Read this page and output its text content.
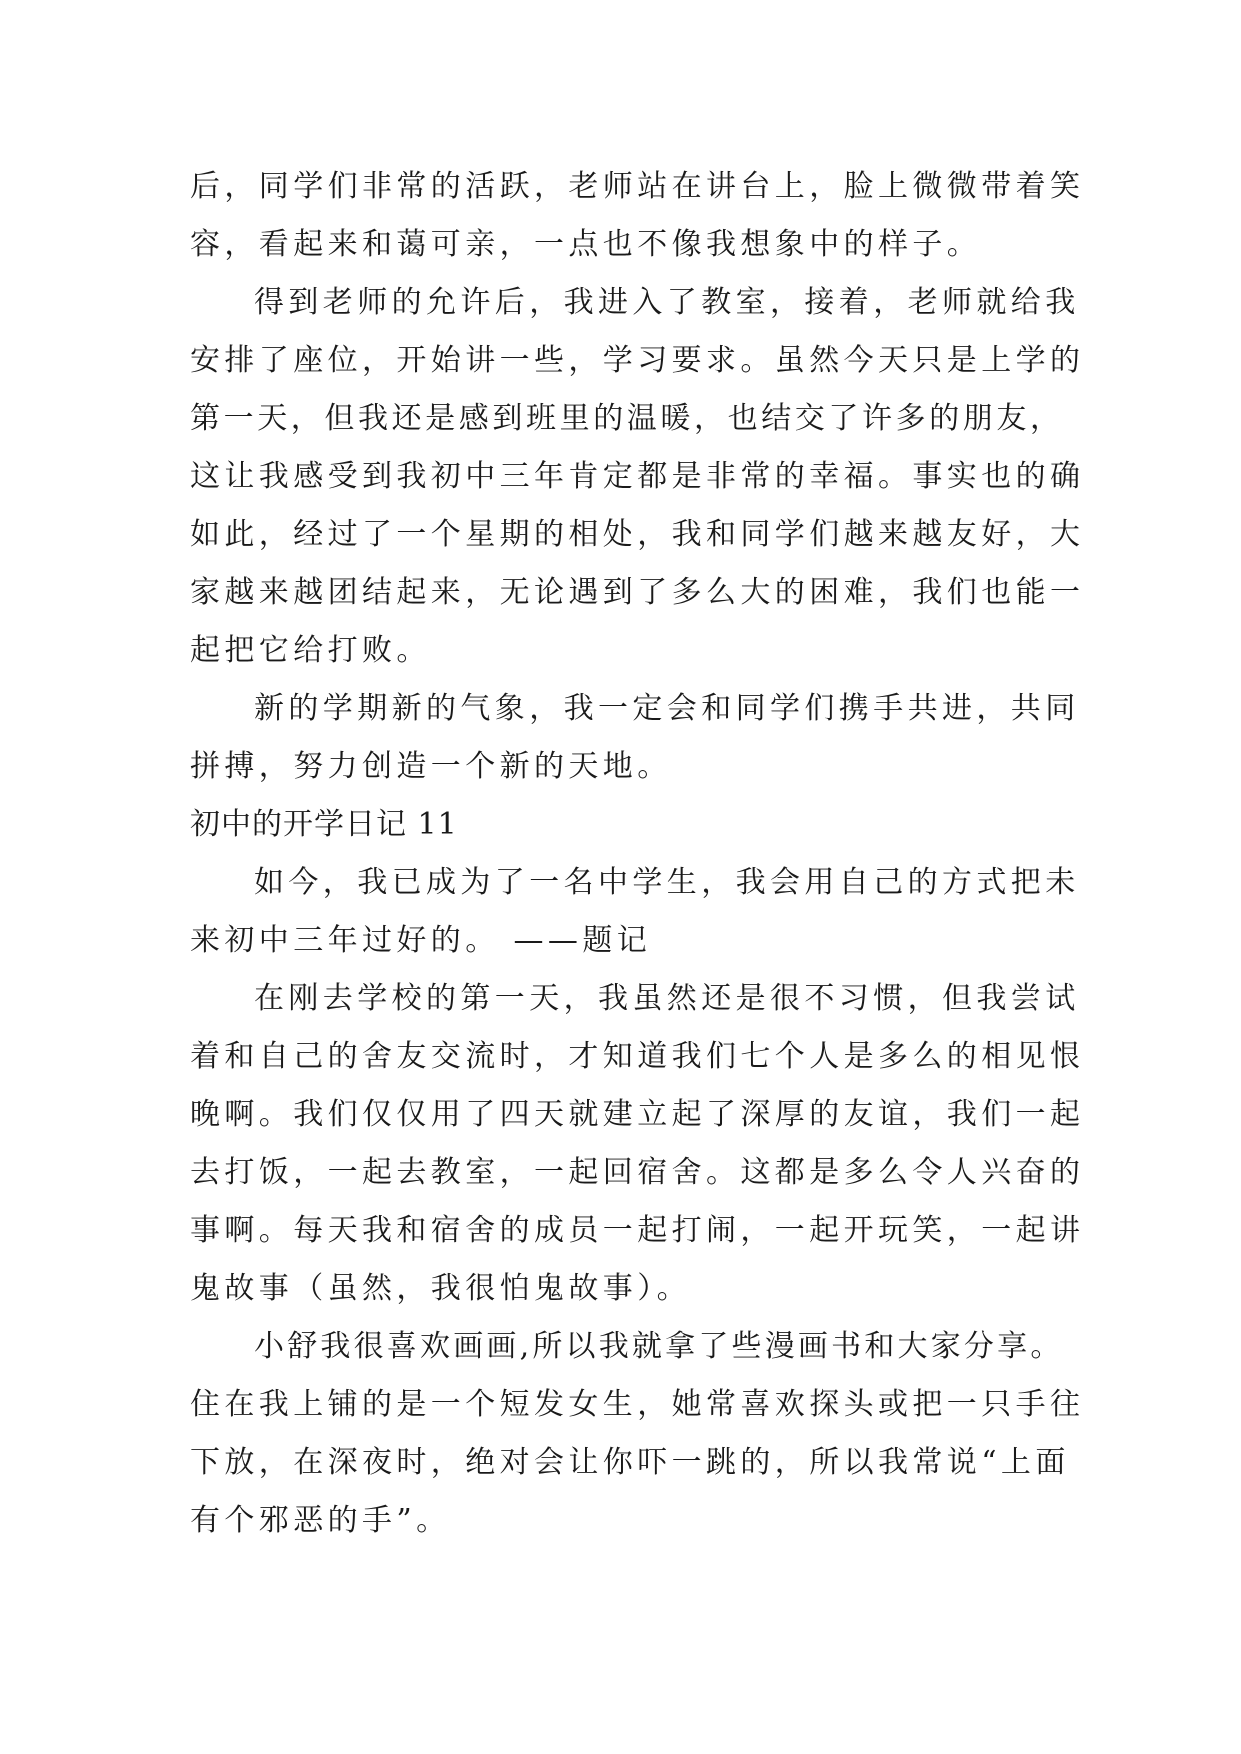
后，同学们非常的活跃，老师站在讲台上，脸上微微带着笑
容，看起来和蔼可亲，一点也不像我想象中的样子。
得到老师的允许后，我进入了教室，接着，老师就给我
安排了座位，开始讲一些，学习要求。虽然今天只是上学的
第一天，但我还是感到班里的温暖，也结交了许多的朋友，
这让我感受到我初中三年肯定都是非常的幸福。事实也的确
如此，经过了一个星期的相处，我和同学们越来越友好，大
家越来越团结起来，无论遇到了多么大的困难，我们也能一
起把它给打败。
新的学期新的气象，我一定会和同学们携手共进，共同
拼搏，努力创造一个新的天地。
初中的开学日记 11
如今，我已成为了一名中学生，我会用自己的方式把未
来初中三年过好的。 ——题记
在刚去学校的第一天，我虽然还是很不习惯，但我尝试
着和自己的舍友交流时，才知道我们七个人是多么的相见恨
晚啊。我们仅仅用了四天就建立起了深厚的友谊，我们一起
去打饭，一起去教室，一起回宿舍。这都是多么令人兴奋的
事啊。每天我和宿舍的成员一起打闹，一起开玩笑，一起讲
鬼故事（虽然，我很怕鬼故事）。
小舒我很喜欢画画,所以我就拿了些漫画书和大家分享。
住在我上铺的是一个短发女生，她常喜欢探头或把一只手往
下放，在深夜时，绝对会让你吓一跳的，所以我常说“上面
有个邪恶的手”。
